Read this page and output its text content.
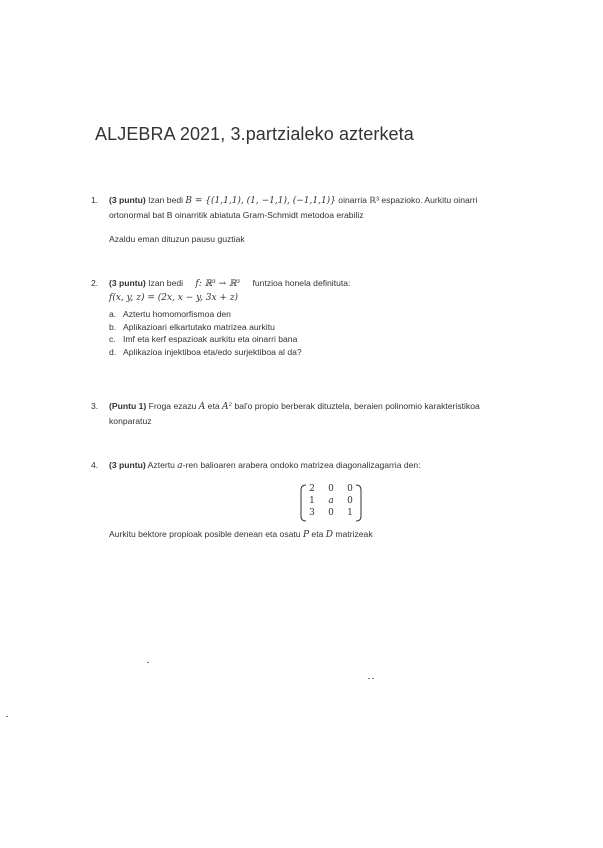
ALJEBRA 2021, 3.partzialeko azterketa
1.	(3 puntu) Izan bedi B = {(1,1,1), (1, −1,1), (−1,1,1)} oinarria ℝ³ espazioko. Aurkitu oinarri
ortonormal bat B oinarritik abiatuta Gram-Schmidt metodoa erabiliz
Azaldu eman dituzun pausu guztiak
2.	(3 puntu) Izan bedi f: ℝ³ → ℝ³ funtzioa honela definituta:
f(x, y, z) = (2x, x − y, 3x + z)
a. Aztertu homomorfismoa den
b. Aplikazioari elkartutako matrizea aurkitu
c. Imf eta kerf espazioak aurkitu eta oinarri bana
d. Aplikazioa injektiboa eta/edo surjektiboa al da?
3.	(Puntu 1) Froga ezazu A eta A² bal'o propio berberak dituztela, beraien polinomio karakteristikoa
konparatuz
4.	(3 puntu) Aztertu a-ren balioaren arabera ondoko matrizea diagonalizagarria den:
2	0	0
1	a	0
3	0	1
Aurkitu bektore propioak posible denean eta osatu P eta D matrizeak
